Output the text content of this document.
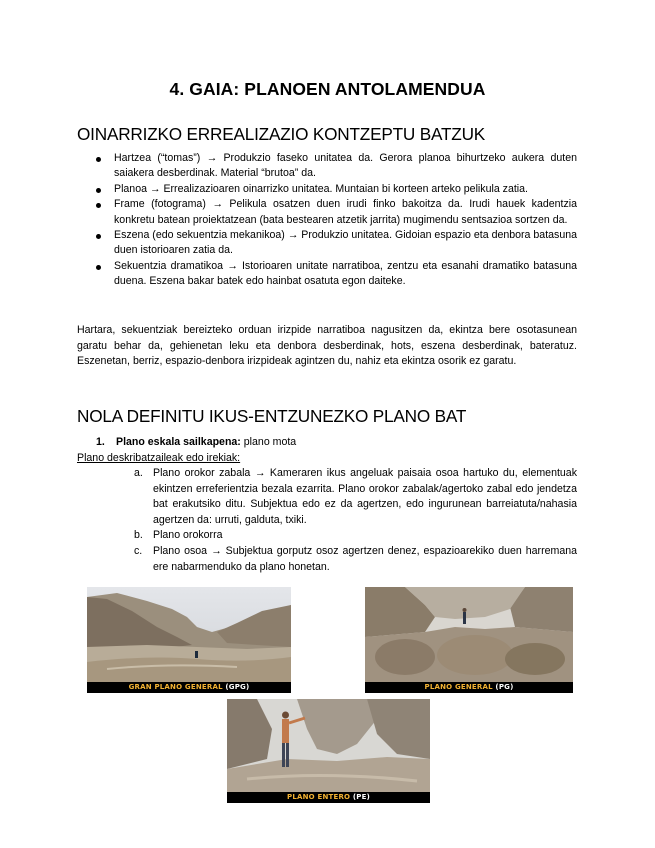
4. GAIA: PLANOEN ANTOLAMENDUA
OINARRIZKO ERREALIZAZIO KONTZEPTU BATZUK
Hartzea (“tomas”) → Produkzio faseko unitatea da. Gerora planoa bihurtzeko aukera duten saiakera desberdinak. Material “brutoa” da.
Planoa → Errealizazioaren oinarrizko unitatea. Muntaian bi korteen arteko pelikula zatia.
Frame (fotograma) → Pelikula osatzen duen irudi finko bakoitza da. Irudi hauek kadentzia konkretu batean proiektatzean (bata bestearen atzetik jarrita) mugimendu sentsazioa sortzen da.
Eszena (edo sekuentzia mekanikoa) → Produkzio unitatea. Gidoian espazio eta denbora batasuna duen istorioaren zatia da.
Sekuentzia dramatikoa → Istorioaren unitate narratiboa, zentzu eta esanahi dramatiko batasuna duena. Eszena bakar batek edo hainbat osatuta egon daiteke.

Hartara, sekuentziak bereizteko orduan irizpide narratiboa nagusitzen da, ekintza bere osotasunean garatu behar da, gehienetan leku eta denbora desberdinak, hots, eszena desberdinak, bateratuz. Eszenetan, berriz, espazio-denbora irizpideak agintzen du, nahiz eta ekintza osorik ez garatu.

NOLA DEFINITU IKUS-ENTZUNEZKO PLANO BAT

1. Plano eskala sailkapena: plano mota

Plano deskribatzaileak edo irekiak:

a. Plano orokor zabala → Kameraren ikus angeluak paisaia osoa hartuko du, elementuak ekintzen erreferientzia bezala ezarrita. Plano orokor zabalak/agertoko zabal edo jendetza bat erakutsiko ditu. Subjektua edo ez da agertzen, edo ingurunean barreiatuta/nahasia agertzen da: urruti, galduta, txiki.
b. Plano orokorra
c. Plano osoa → Subjektua gorputz osoz agertzen denez, espazioarekiko duen harremana ere nabarmenduko da plano honetan.
GRAN PLANO GENERAL (GPG)	PLANO GENERAL (PG)
PLANO ENTERO (PE)
